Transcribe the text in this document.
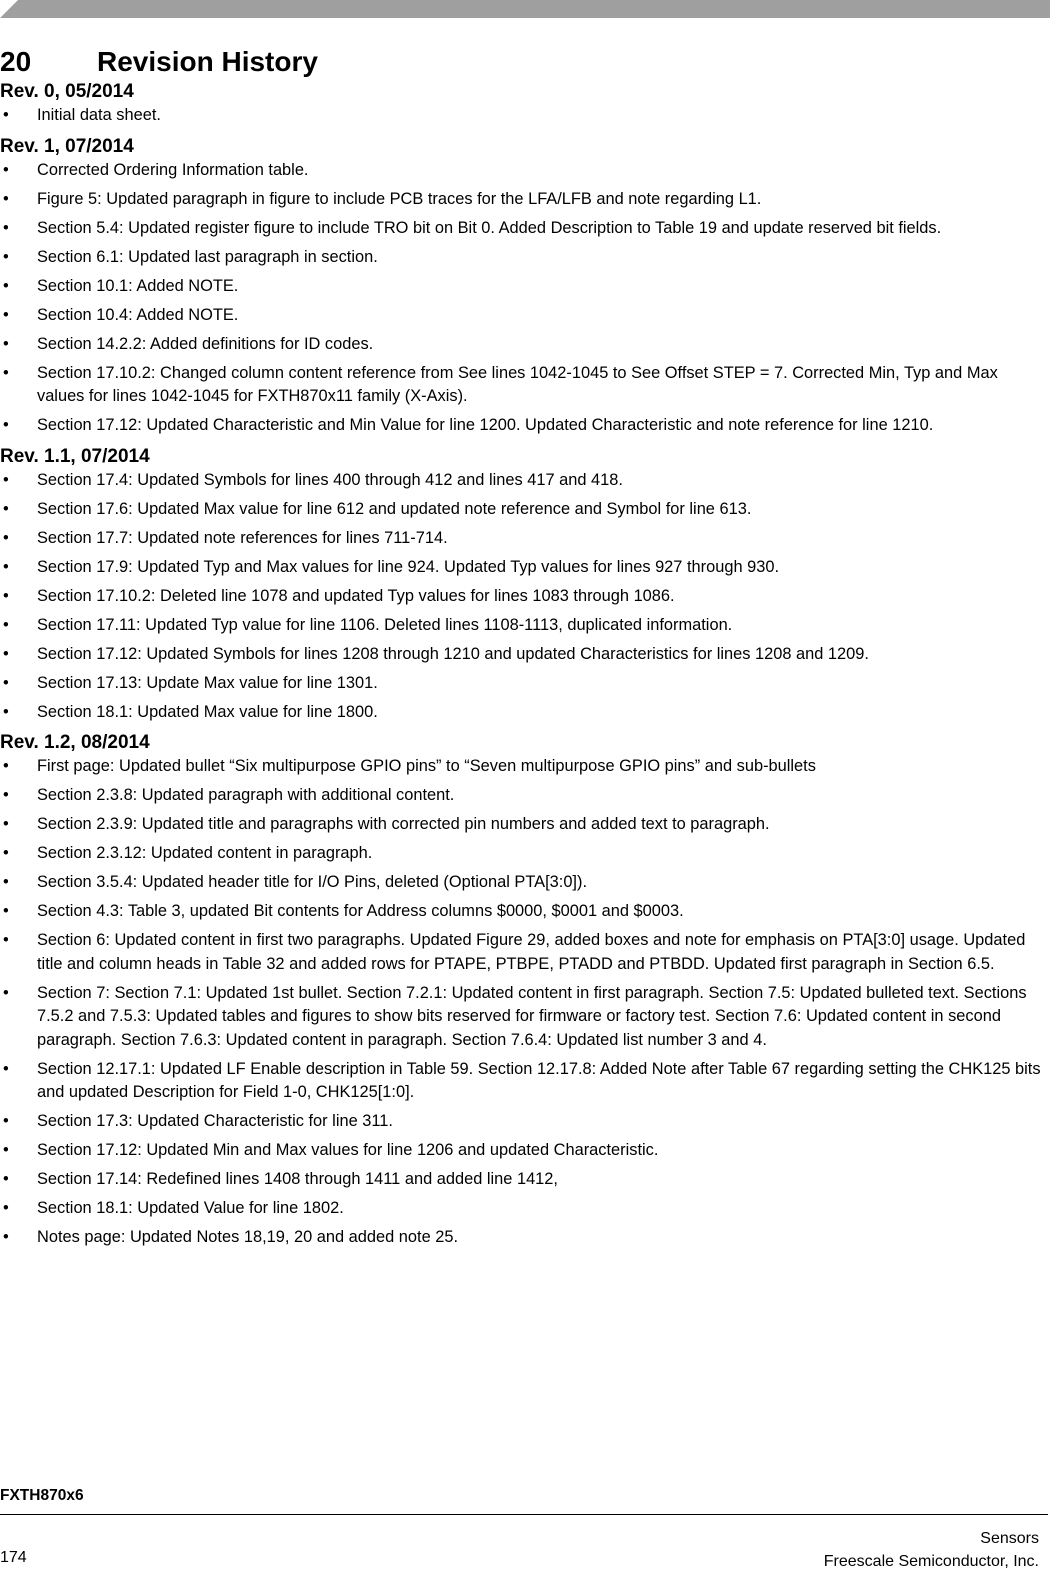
20	Revision History
Rev. 0, 05/2014
• Initial data sheet.
Rev. 1, 07/2014
• Corrected Ordering Information table.
• Figure 5: Updated paragraph in figure to include PCB traces for the LFA/LFB and note regarding L1.
• Section 5.4: Updated register figure to include TRO bit on Bit 0. Added Description to Table 19 and update reserved bit fields.
• Section 6.1: Updated last paragraph in section.
• Section 10.1: Added NOTE.
• Section 10.4: Added NOTE.
• Section 14.2.2: Added definitions for ID codes.
• Section 17.10.2: Changed column content reference from See lines 1042-1045 to See Offset STEP = 7. Corrected Min, Typ and Max values for lines 1042-1045 for FXTH870x11 family (X-Axis).
• Section 17.12: Updated Characteristic and Min Value for line 1200. Updated Characteristic and note reference for line 1210.
Rev. 1.1, 07/2014
• Section 17.4: Updated Symbols for lines 400 through 412 and lines 417 and 418.
• Section 17.6: Updated Max value for line 612 and updated note reference and Symbol for line 613.
• Section 17.7: Updated note references for lines 711-714.
• Section 17.9: Updated Typ and Max values for line 924. Updated Typ values for lines 927 through 930.
• Section 17.10.2: Deleted line 1078 and updated Typ values for lines 1083 through 1086.
• Section 17.11: Updated Typ value for line 1106. Deleted lines 1108-1113, duplicated information.
• Section 17.12: Updated Symbols for lines 1208 through 1210 and updated Characteristics for lines 1208 and 1209.
• Section 17.13: Update Max value for line 1301.
• Section 18.1: Updated Max value for line 1800.
Rev. 1.2, 08/2014
• First page: Updated bullet “Six multipurpose GPIO pins” to “Seven multipurpose GPIO pins” and sub-bullets
• Section 2.3.8: Updated paragraph with additional content.
• Section 2.3.9: Updated title and paragraphs with corrected pin numbers and added text to paragraph.
• Section 2.3.12: Updated content in paragraph.
• Section 3.5.4: Updated header title for I/O Pins, deleted (Optional PTA[3:0]).
• Section 4.3: Table 3, updated Bit contents for Address columns $0000, $0001 and $0003.
• Section 6: Updated content in first two paragraphs. Updated Figure 29, added boxes and note for emphasis on PTA[3:0] usage. Updated title and column heads in Table 32 and added rows for PTAPE, PTBPE, PTADD and PTBDD. Updated first paragraph in Section 6.5.
• Section 7: Section 7.1: Updated 1st bullet. Section 7.2.1: Updated content in first paragraph. Section 7.5: Updated bulleted text. Sections 7.5.2 and 7.5.3: Updated tables and figures to show bits reserved for firmware or factory test. Section 7.6: Updated content in second paragraph. Section 7.6.3: Updated content in paragraph. Section 7.6.4: Updated list number 3 and 4.
• Section 12.17.1: Updated LF Enable description in Table 59. Section 12.17.8: Added Note after Table 67 regarding setting the CHK125 bits and updated Description for Field 1-0, CHK125[1:0].
• Section 17.3: Updated Characteristic for line 311.
• Section 17.12: Updated Min and Max values for line 1206 and updated Characteristic.
• Section 17.14: Redefined lines 1408 through 1411 and added line 1412,
• Section 18.1: Updated Value for line 1802.
• Notes page: Updated Notes 18,19, 20 and added note 25.
FXTH870x6
174
Sensors
Freescale Semiconductor, Inc.
